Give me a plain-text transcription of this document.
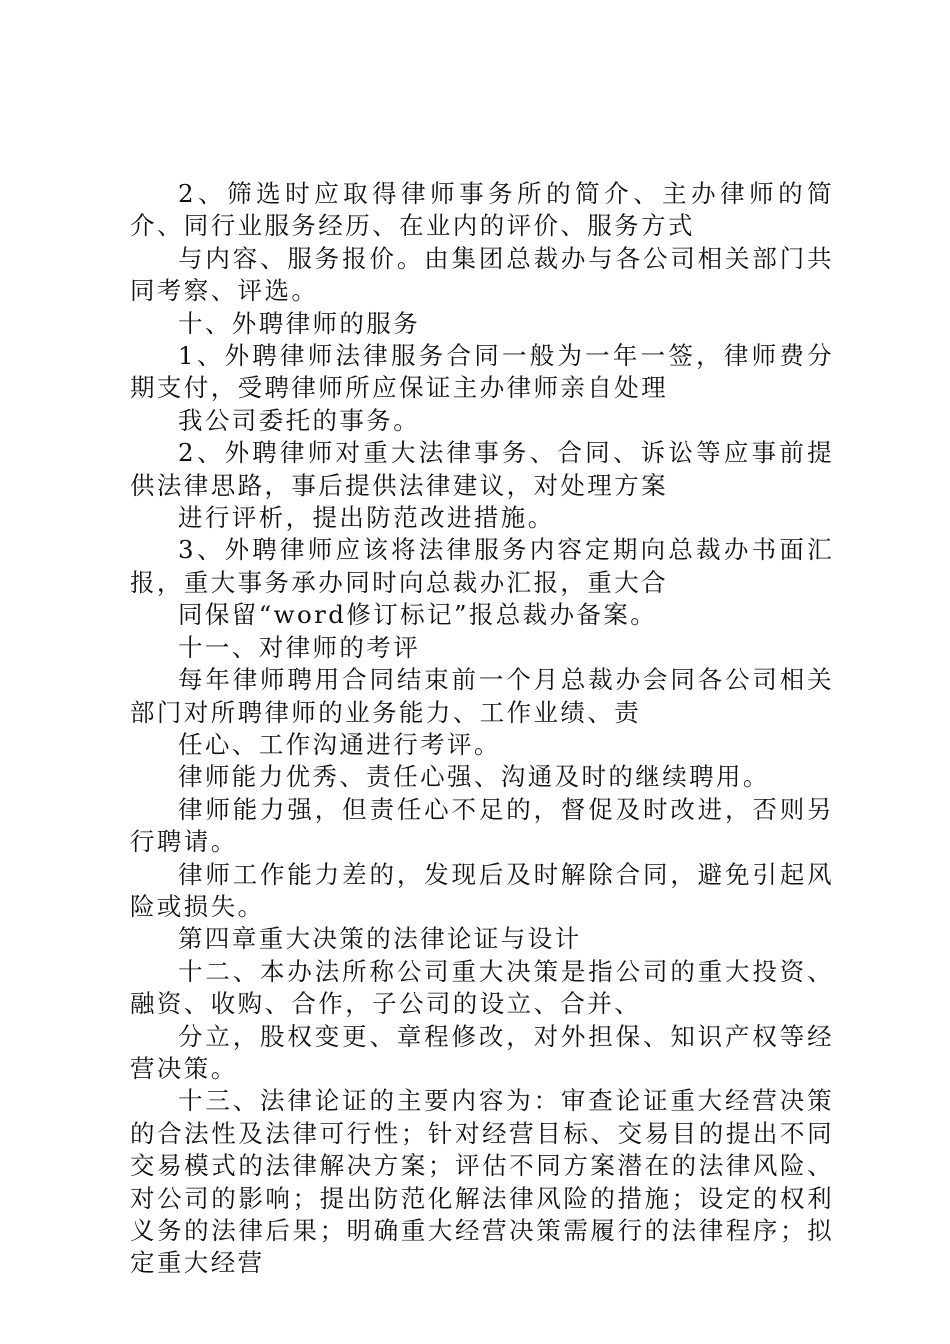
2、筛选时应取得律师事务所的简介、主办律师的简介、同行业服务经历、在业内的评价、服务方式

与内容、服务报价。由集团总裁办与各公司相关部门共同考察、评选。

十、外聘律师的服务

1、外聘律师法律服务合同一般为一年一签，律师费分期支付，受聘律师所应保证主办律师亲自处理

我公司委托的事务。

2、外聘律师对重大法律事务、合同、诉讼等应事前提供法律思路，事后提供法律建议，对处理方案

进行评析，提出防范改进措施。

3、外聘律师应该将法律服务内容定期向总裁办书面汇报，重大事务承办同时向总裁办汇报，重大合

同保留“word修订标记”报总裁办备案。

十一、对律师的考评

每年律师聘用合同结束前一个月总裁办会同各公司相关部门对所聘律师的业务能力、工作业绩、责

任心、工作沟通进行考评。

律师能力优秀、责任心强、沟通及时的继续聘用。

律师能力强，但责任心不足的，督促及时改进，否则另行聘请。

律师工作能力差的，发现后及时解除合同，避免引起风险或损失。

第四章重大决策的法律论证与设计

十二、本办法所称公司重大决策是指公司的重大投资、融资、收购、合作，子公司的设立、合并、

分立，股权变更、章程修改，对外担保、知识产权等经营决策。

十三、法律论证的主要内容为：审查论证重大经营决策的合法性及法律可行性；针对经营目标、交易目的提出不同交易模式的法律解决方案；评估不同方案潜在的法律风险、对公司的影响；提出防范化解法律风险的措施；设定的权利义务的法律后果；明确重大经营决策需履行的法律程序；拟定重大经营
